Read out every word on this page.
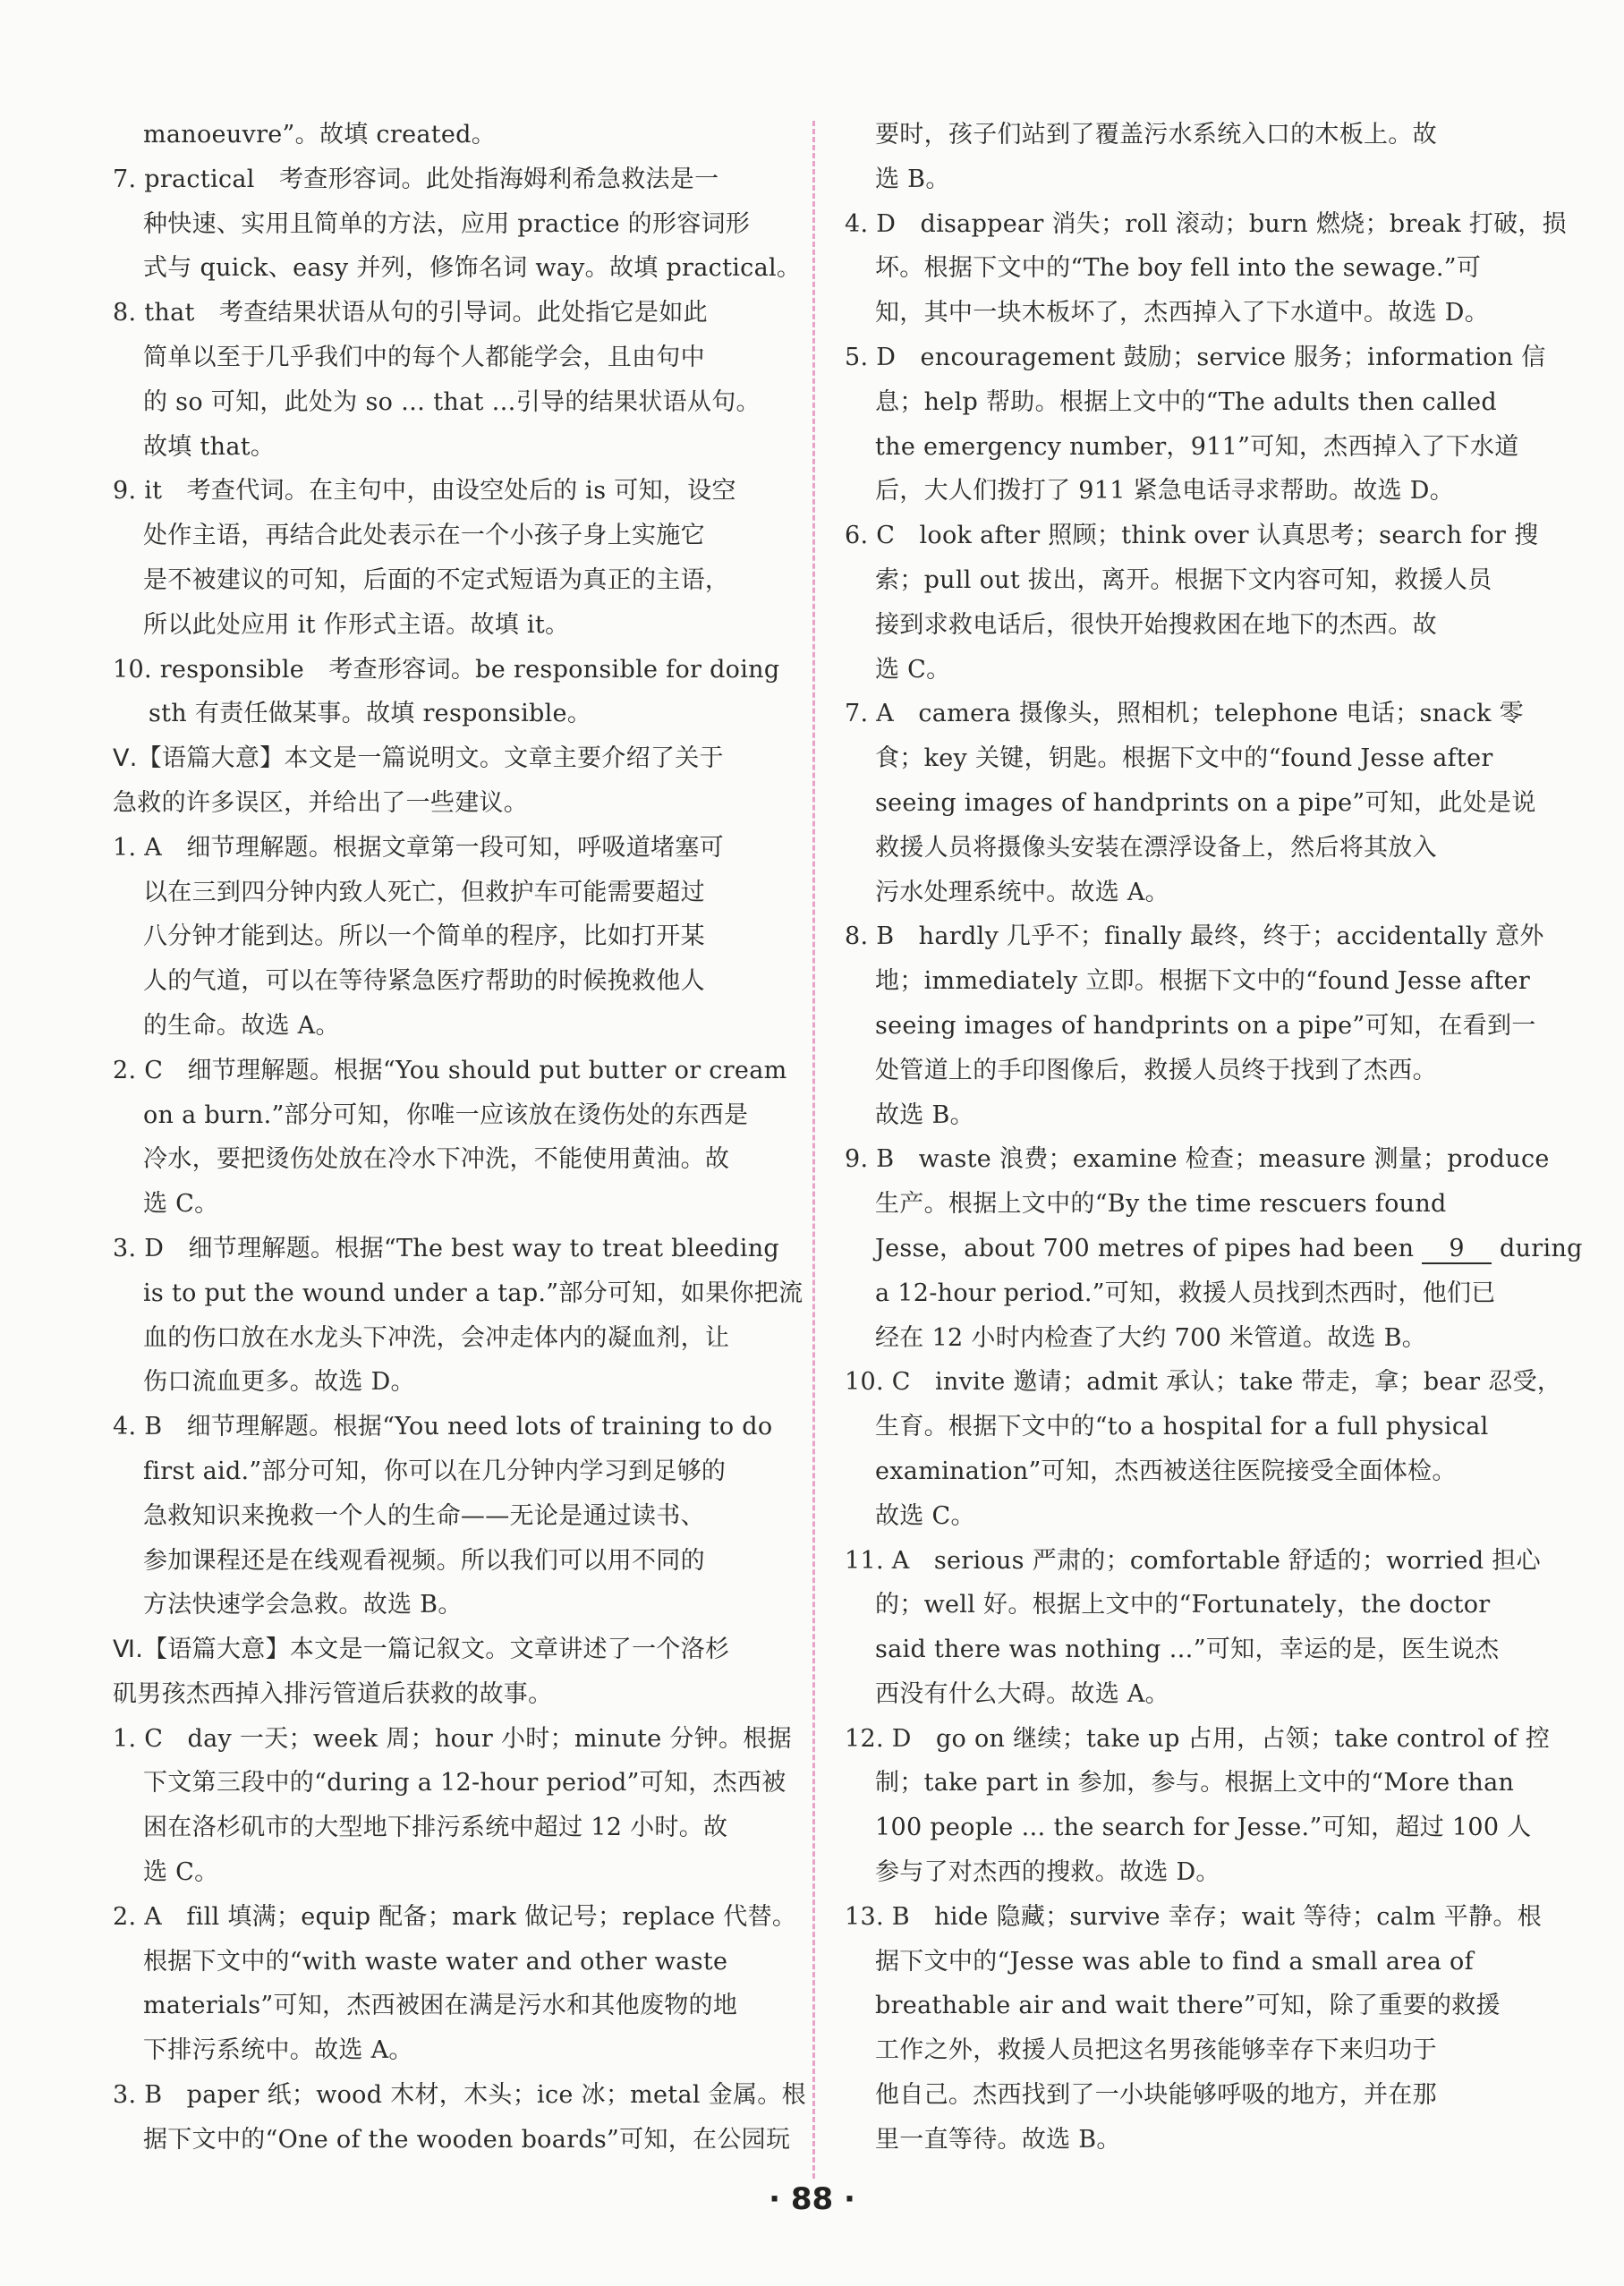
manoeuvre”。故填 created。
7. practical　考查形容词。此处指海姆利希急救法是一
种快速、实用且简单的方法，应用 practice 的形容词形
式与 quick、easy 并列，修饰名词 way。故填 practical。
8. that　考查结果状语从句的引导词。此处指它是如此
简单以至于几乎我们中的每个人都能学会，且由句中
的 so 可知，此处为 so … that …引导的结果状语从句。
故填 that。
9. it　考查代词。在主句中，由设空处后的 is 可知，设空
处作主语，再结合此处表示在一个小孩子身上实施它
是不被建议的可知，后面的不定式短语为真正的主语，
所以此处应用 it 作形式主语。故填 it。
10. responsible　考查形容词。be responsible for doing
sth 有责任做某事。故填 responsible。
Ⅴ.【语篇大意】本文是一篇说明文。文章主要介绍了关于
急救的许多误区，并给出了一些建议。
1. A　细节理解题。根据文章第一段可知，呼吸道堵塞可
以在三到四分钟内致人死亡，但救护车可能需要超过
八分钟才能到达。所以一个简单的程序，比如打开某
人的气道，可以在等待紧急医疗帮助的时候挽救他人
的生命。故选 A。
2. C　细节理解题。根据“You should put butter or cream
on a burn.”部分可知，你唯一应该放在烫伤处的东西是
冷水，要把烫伤处放在冷水下冲洗，不能使用黄油。故
选 C。
3. D　细节理解题。根据“The best way to treat bleeding
is to put the wound under a tap.”部分可知，如果你把流
血的伤口放在水龙头下冲洗，会冲走体内的凝血剂，让
伤口流血更多。故选 D。
4. B　细节理解题。根据“You need lots of training to do
first aid.”部分可知，你可以在几分钟内学习到足够的
急救知识来挽救一个人的生命——无论是通过读书、
参加课程还是在线观看视频。所以我们可以用不同的
方法快速学会急救。故选 B。
Ⅵ.【语篇大意】本文是一篇记叙文。文章讲述了一个洛杉
矶男孩杰西掉入排污管道后获救的故事。
1. C　day 一天；week 周；hour 小时；minute 分钟。根据
下文第三段中的“during a 12-hour period”可知，杰西被
困在洛杉矶市的大型地下排污系统中超过 12 小时。故
选 C。
2. A　fill 填满；equip 配备；mark 做记号；replace 代替。
根据下文中的“with waste water and other waste
materials”可知，杰西被困在满是污水和其他废物的地
下排污系统中。故选 A。
3. B　paper 纸；wood 木材，木头；ice 冰；metal 金属。根
据下文中的“One of the wooden boards”可知，在公园玩
要时，孩子们站到了覆盖污水系统入口的木板上。故
选 B。
4. D　disappear 消失；roll 滚动；burn 燃烧；break 打破，损
坏。根据下文中的“The boy fell into the sewage.”可
知，其中一块木板坏了，杰西掉入了下水道中。故选 D。
5. D　encouragement 鼓励；service 服务；information 信
息；help 帮助。根据上文中的“The adults then called
the emergency number，911”可知，杰西掉入了下水道
后，大人们拨打了 911 紧急电话寻求帮助。故选 D。
6. C　look after 照顾；think over 认真思考；search for 搜
索；pull out 拔出，离开。根据下文内容可知，救援人员
接到求救电话后，很快开始搜救困在地下的杰西。故
选 C。
7. A　camera 摄像头，照相机；telephone 电话；snack 零
食；key 关键，钥匙。根据下文中的“found Jesse after
seeing images of handprints on a pipe”可知，此处是说
救援人员将摄像头安装在漂浮设备上，然后将其放入
污水处理系统中。故选 A。
8. B　hardly 几乎不；finally 最终，终于；accidentally 意外
地；immediately 立即。根据下文中的“found Jesse after
seeing images of handprints on a pipe”可知，在看到一
处管道上的手印图像后，救援人员终于找到了杰西。
故选 B。
9. B　waste 浪费；examine 检查；measure 测量；produce
生产。根据上文中的“By the time rescuers found
Jesse，about 700 metres of pipes had been 9 during
a 12-hour period.”可知，救援人员找到杰西时，他们已
经在 12 小时内检查了大约 700 米管道。故选 B。
10. C　invite 邀请；admit 承认；take 带走，拿；bear 忍受，
生育。根据下文中的“to a hospital for a full physical
examination”可知，杰西被送往医院接受全面体检。
故选 C。
11. A　serious 严肃的；comfortable 舒适的；worried 担心
的；well 好。根据上文中的“Fortunately，the doctor
said there was nothing …”可知，幸运的是，医生说杰
西没有什么大碍。故选 A。
12. D　go on 继续；take up 占用，占领；take control of 控
制；take part in 参加，参与。根据上文中的“More than
100 people … the search for Jesse.”可知，超过 100 人
参与了对杰西的搜救。故选 D。
13. B　hide 隐藏；survive 幸存；wait 等待；calm 平静。根
据下文中的“Jesse was able to find a small area of
breathable air and wait there”可知，除了重要的救援
工作之外，救援人员把这名男孩能够幸存下来归功于
他自己。杰西找到了一小块能够呼吸的地方，并在那
里一直等待。故选 B。
· 88 ·
